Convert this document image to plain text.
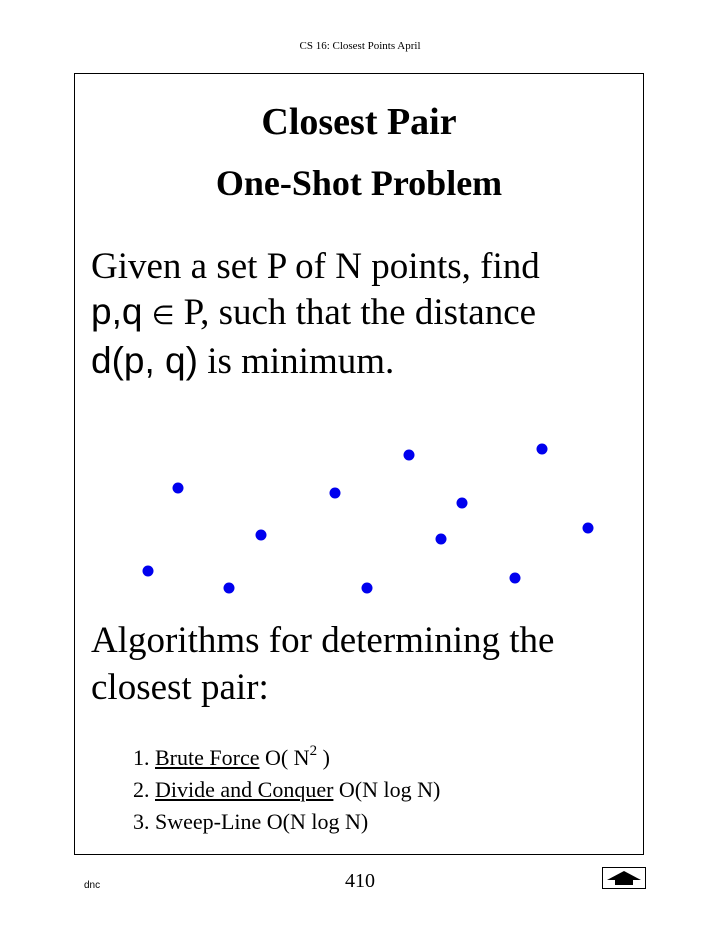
CS 16: Closest Points April
Closest Pair
One-Shot Problem
Given a set P of N points, find
p,q ∈ P, such that the distance
d(p, q) is minimum.
Algorithms for determining the closest pair:
1. Brute Force O( $N^2$ )
2. Divide and Conquer O(N log N)
3. Sweep-Line O(N log N)
dnc	410
